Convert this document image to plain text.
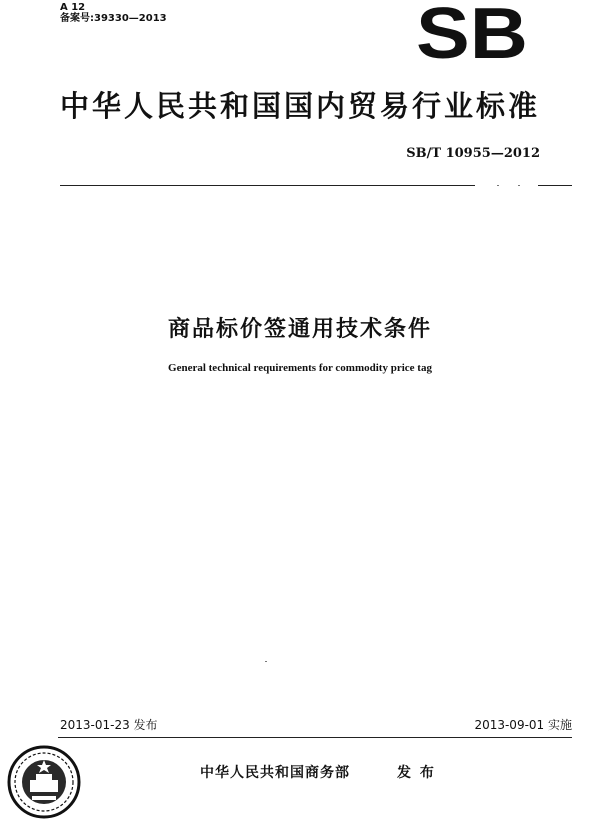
A 12
备案号:39330—2013	SB
中华人民共和国国内贸易行业标准
SB/T 10955—2012
商品标价签通用技术条件
General technical requirements for commodity price tag
2013-01-23 发布	2013-09-01 实施
中华人民共和国商务部	发 布
